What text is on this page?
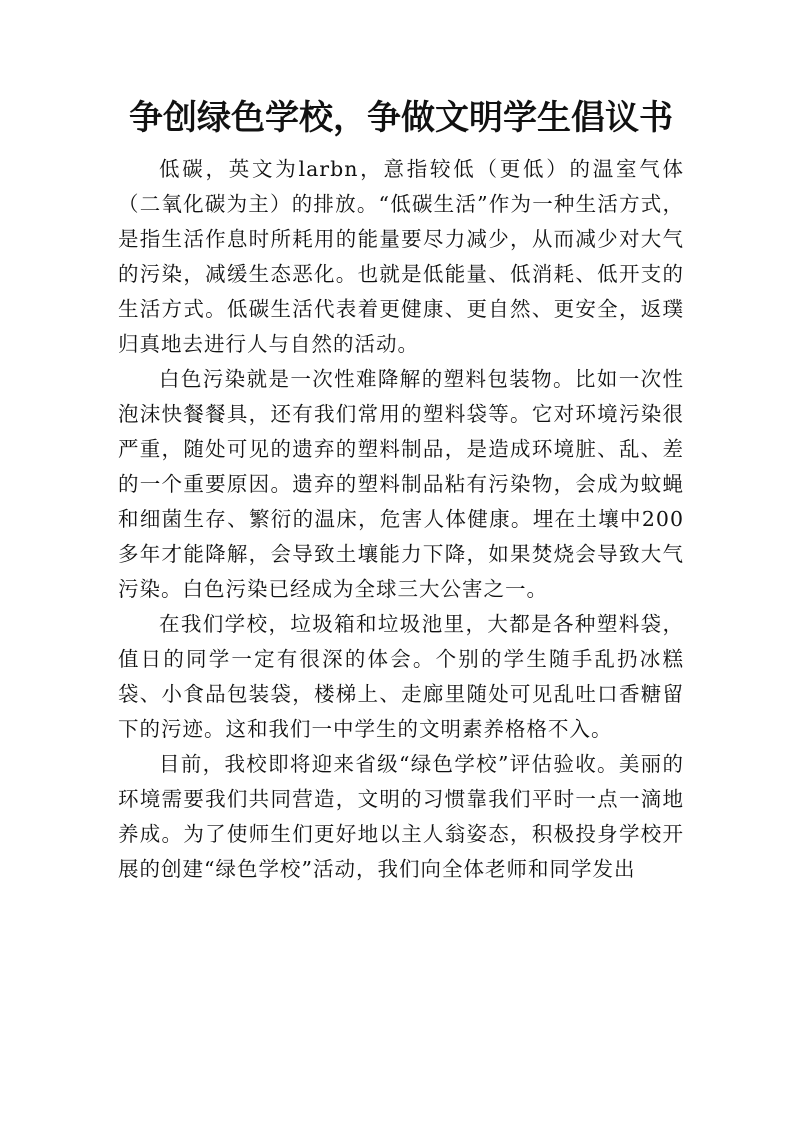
争创绿色学校，争做文明学生倡议书

低碳，英文为larbn，意指较低（更低）的温室气体（二氧化碳为主）的排放。“低碳生活”作为一种生活方式，是指生活作息时所耗用的能量要尽力减少，从而减少对大气的污染，减缓生态恶化。也就是低能量、低消耗、低开支的生活方式。低碳生活代表着更健康、更自然、更安全，返璞归真地去进行人与自然的活动。

白色污染就是一次性难降解的塑料包装物。比如一次性泡沫快餐餐具，还有我们常用的塑料袋等。它对环境污染很严重，随处可见的遗弃的塑料制品，是造成环境脏、乱、差的一个重要原因。遗弃的塑料制品粘有污染物，会成为蚊蝇和细菌生存、繁衍的温床，危害人体健康。埋在土壤中200多年才能降解，会导致土壤能力下降，如果焚烧会导致大气污染。白色污染已经成为全球三大公害之一。

在我们学校，垃圾箱和垃圾池里，大都是各种塑料袋，值日的同学一定有很深的体会。个别的学生随手乱扔冰糕袋、小食品包装袋，楼梯上、走廊里随处可见乱吐口香糖留下的污迹。这和我们一中学生的文明素养格格不入。

目前，我校即将迎来省级“绿色学校”评估验收。美丽的环境需要我们共同营造，文明的习惯靠我们平时一点一滴地养成。为了使师生们更好地以主人翁姿态，积极投身学校开展的创建“绿色学校”活动，我们向全体老师和同学发出
